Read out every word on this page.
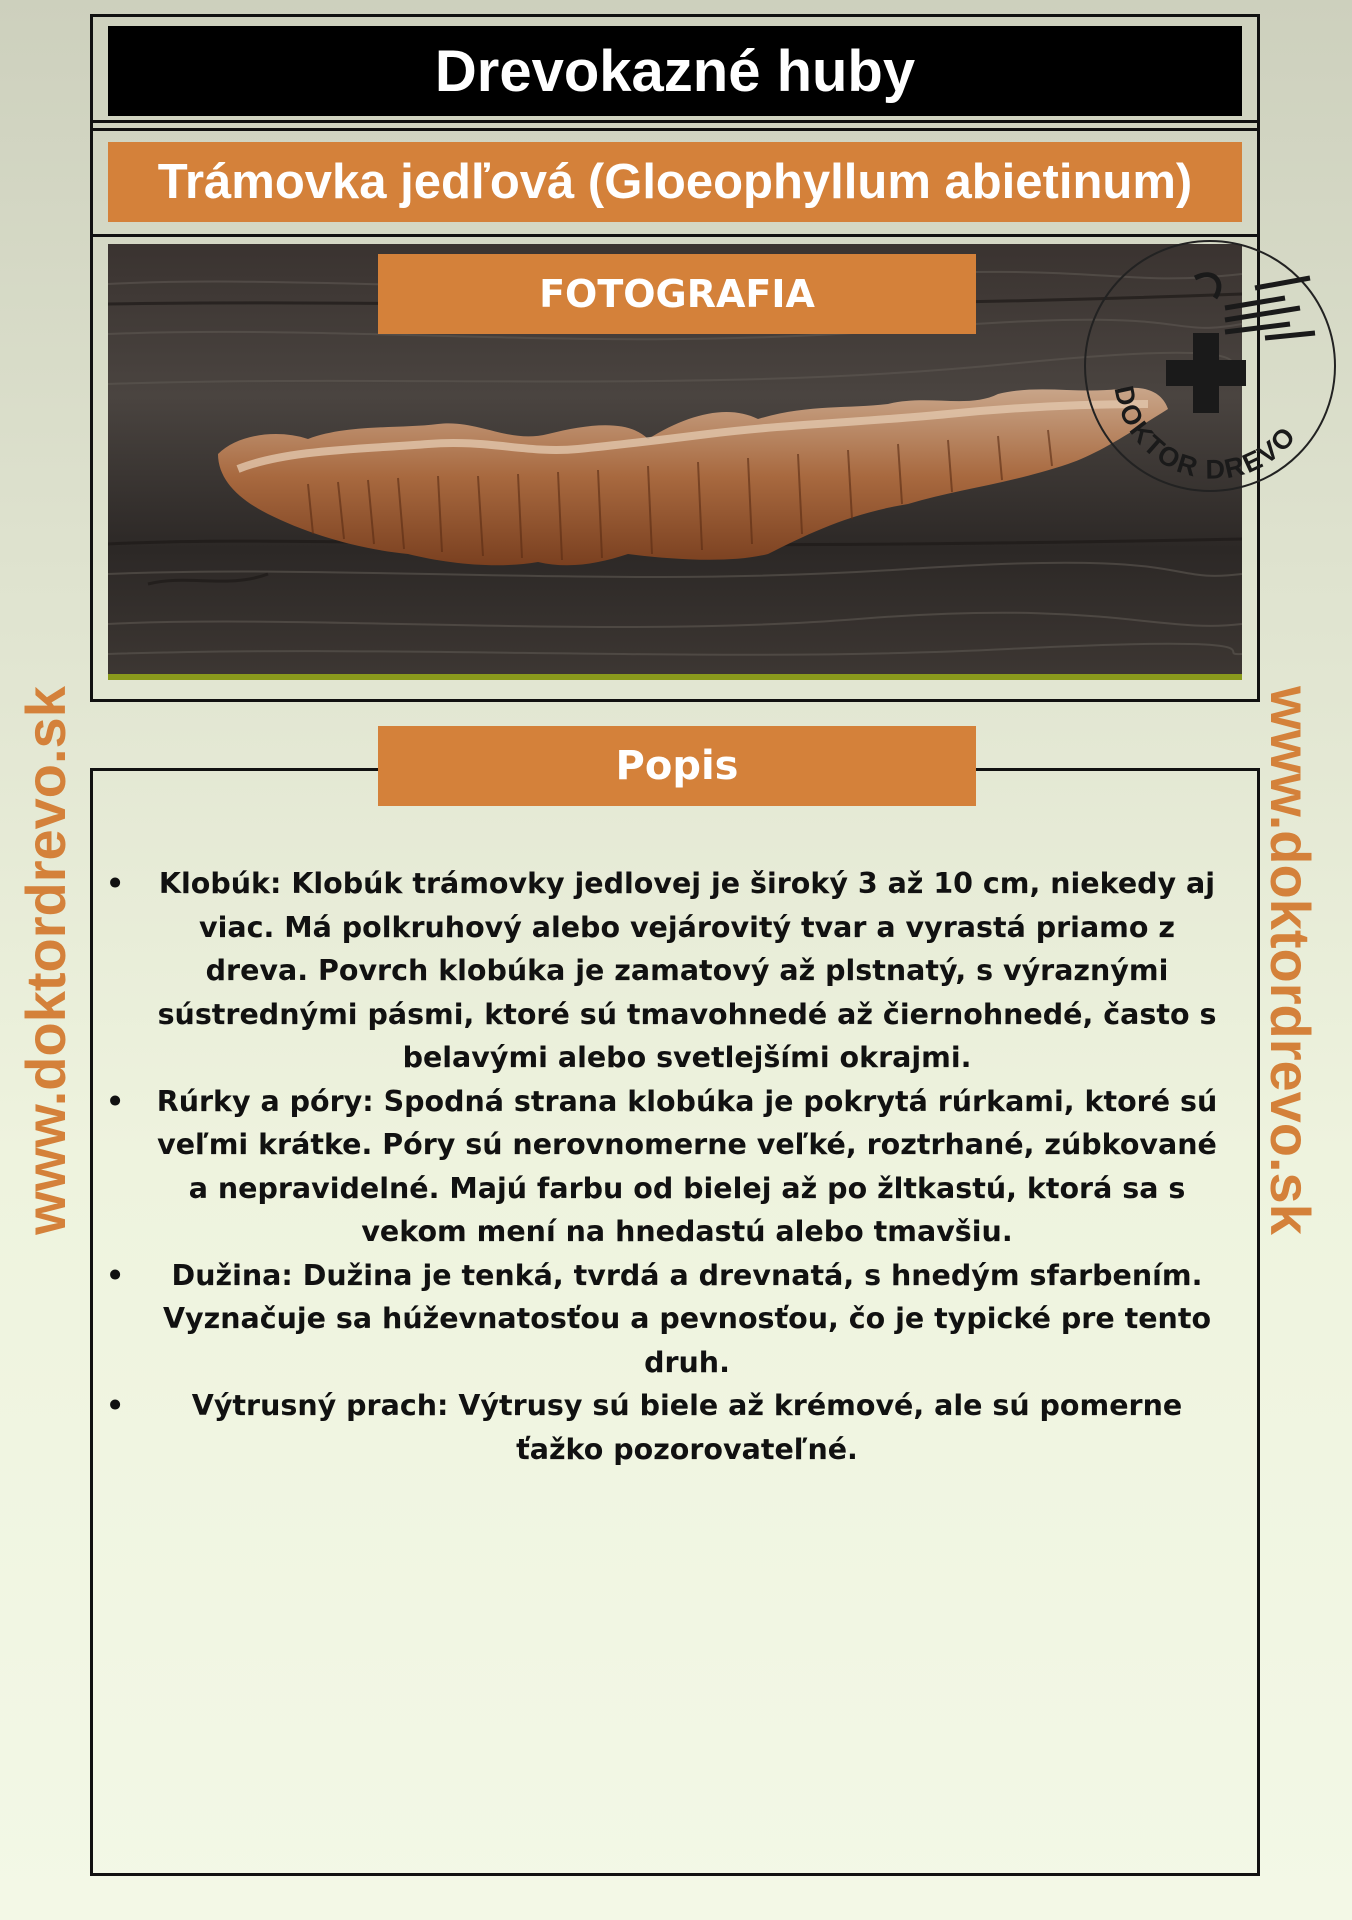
www.doktordrevo.sk	www.doktordrevo.sk
Drevokazné huby
Trámovka jedľová (Gloeophyllum abietinum)
FOTOGRAFIA
DOKTOR DREVO
Popis
• Klobúk: Klobúk trámovky jedlovej je široký 3 až 10 cm, niekedy aj viac. Má polkruhový alebo vejárovitý tvar a vyrastá priamo z dreva. Povrch klobúka je zamatový až plstnatý, s výraznými sústrednými pásmi, ktoré sú tmavohnedé až čiernohnedé, často s belavými alebo svetlejšími okrajmi.
• Rúrky a póry: Spodná strana klobúka je pokrytá rúrkami, ktoré sú veľmi krátke. Póry sú nerovnomerne veľké, roztrhané, zúbkované a nepravidelné. Majú farbu od bielej až po žltkastú, ktorá sa s vekom mení na hnedastú alebo tmavšiu.
• Dužina: Dužina je tenká, tvrdá a drevnatá, s hnedým sfarbením. Vyznačuje sa húževnatosťou a pevnosťou, čo je typické pre tento druh.
• Výtrusný prach: Výtrusy sú biele až krémové, ale sú pomerne ťažko pozorovateľné.
